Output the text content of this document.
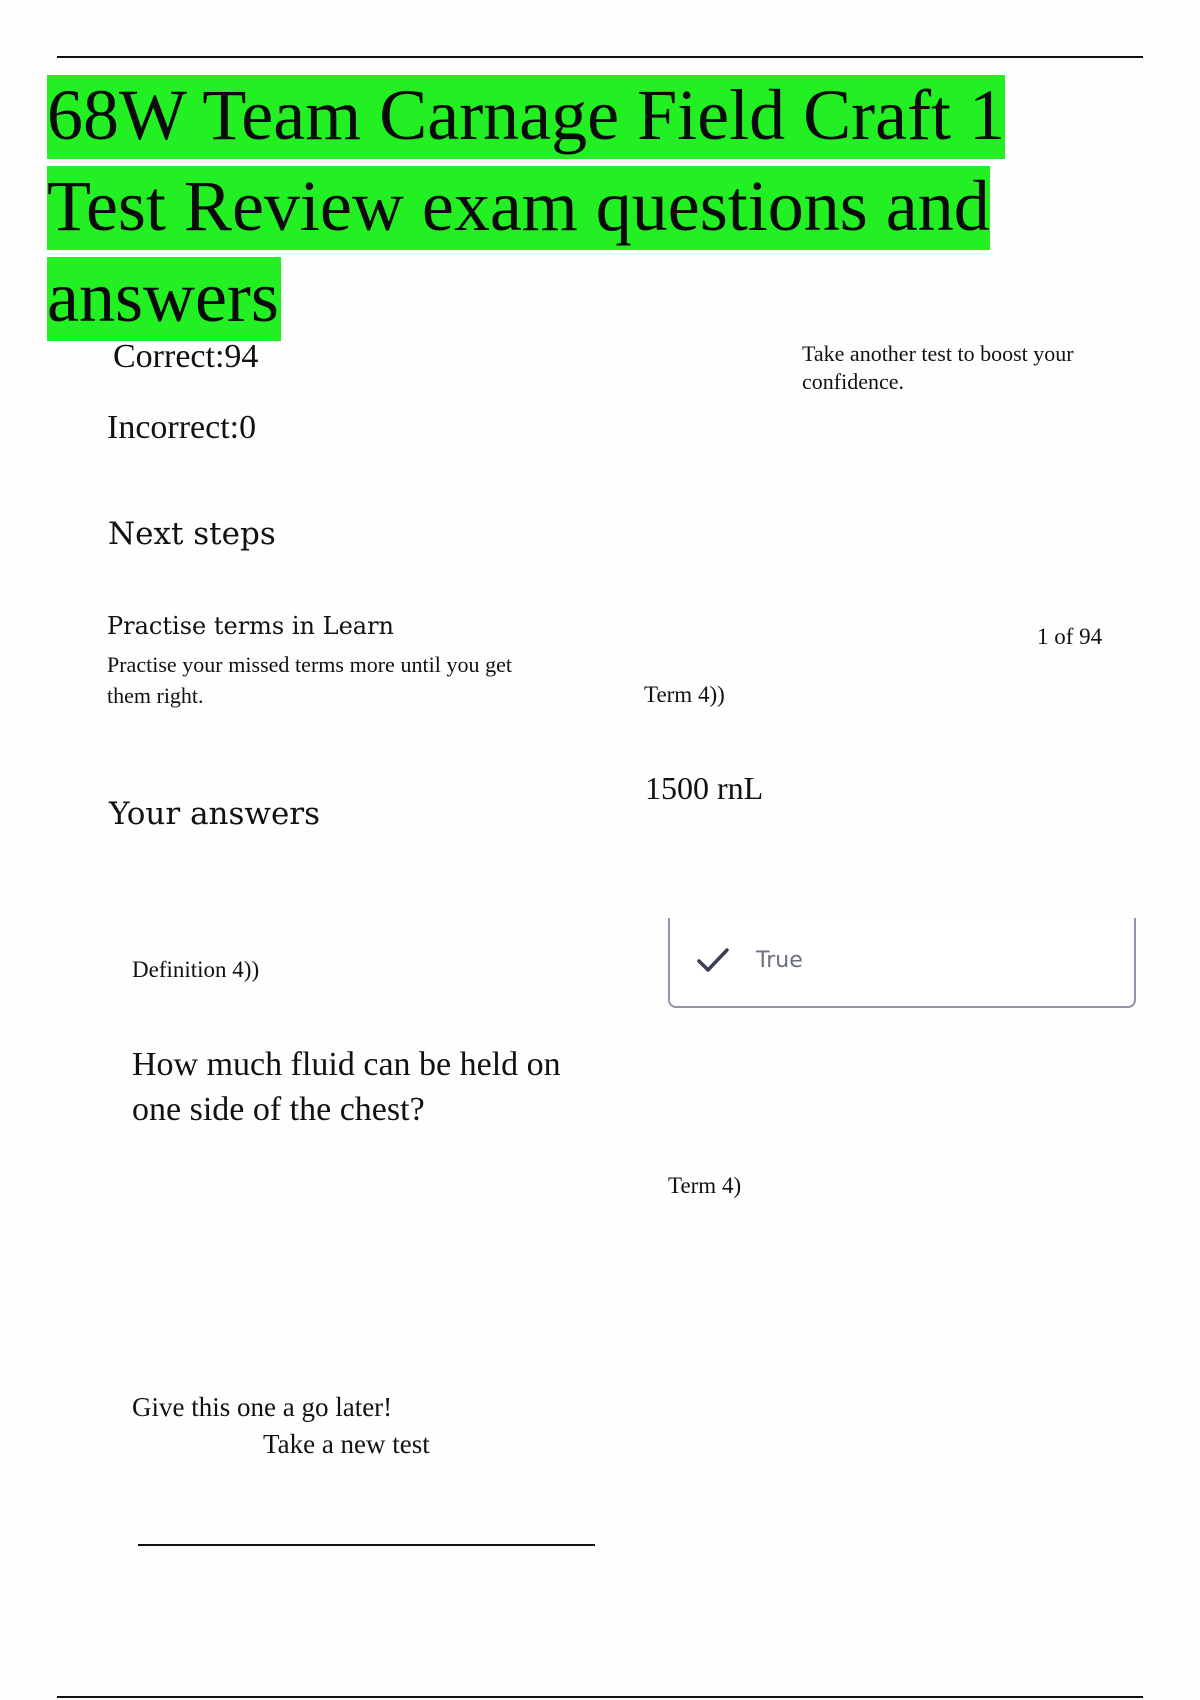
68W Team Carnage Field Craft 1 Test Review exam questions and answers
Correct:94
Incorrect:0
Take another test to boost your confidence.
Next steps
Practise terms in Learn
Practise your missed terms more until you get them right.
1 of 94
Term 4))
1500 rnL
Your answers
True
Definition 4))
How much fluid can be held on one side of the chest?
Term 4)
Give this one a go later!
Take a new test
